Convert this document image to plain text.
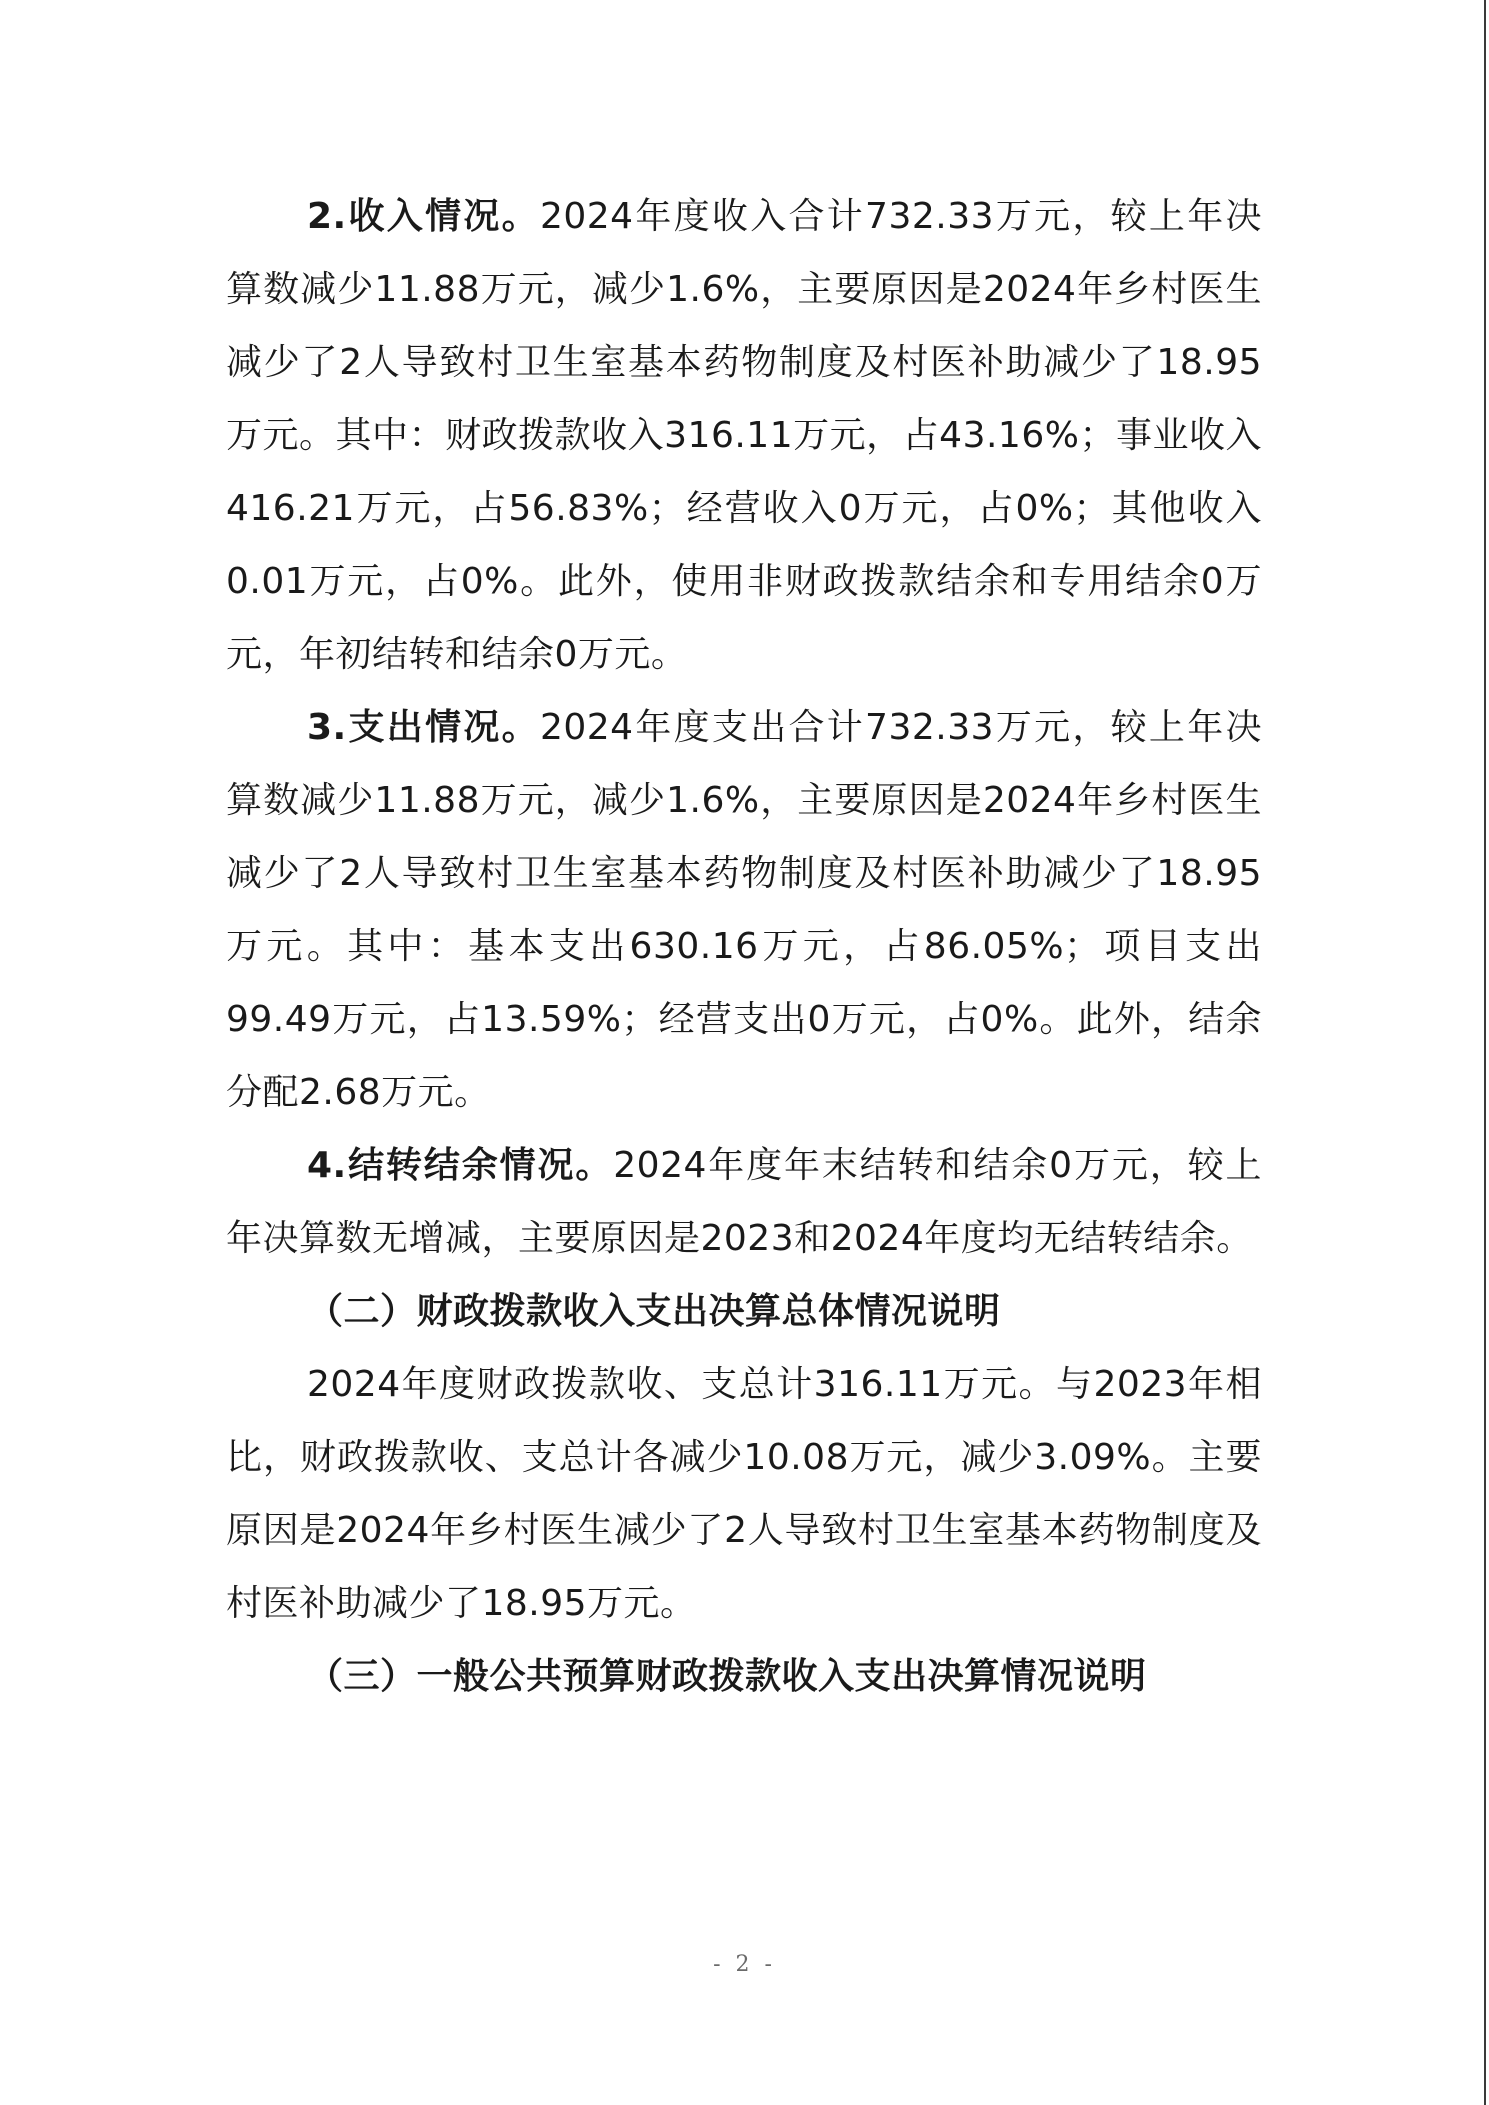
2.收入情况。2024年度收入合计732.33万元，较上年决算数减少11.88万元，减少1.6%，主要原因是2024年乡村医生减少了2人导致村卫生室基本药物制度及村医补助减少了18.95万元。其中：财政拨款收入316.11万元，占43.16%；事业收入416.21万元，占56.83%；经营收入0万元，占0%；其他收入0.01万元，占0%。此外，使用非财政拨款结余和专用结余0万元，年初结转和结余0万元。

3.支出情况。2024年度支出合计732.33万元，较上年决算数减少11.88万元，减少1.6%，主要原因是2024年乡村医生减少了2人导致村卫生室基本药物制度及村医补助减少了18.95万元。其中：基本支出630.16万元，占86.05%；项目支出99.49万元，占13.59%；经营支出0万元，占0%。此外，结余分配2.68万元。

4.结转结余情况。2024年度年末结转和结余0万元，较上年决算数无增减，主要原因是2023和2024年度均无结转结余。

（二）财政拨款收入支出决算总体情况说明

2024年度财政拨款收、支总计316.11万元。与2023年相比，财政拨款收、支总计各减少10.08万元，减少3.09%。主要原因是2024年乡村医生减少了2人导致村卫生室基本药物制度及村医补助减少了18.95万元。

（三）一般公共预算财政拨款收入支出决算情况说明

- 2 -
